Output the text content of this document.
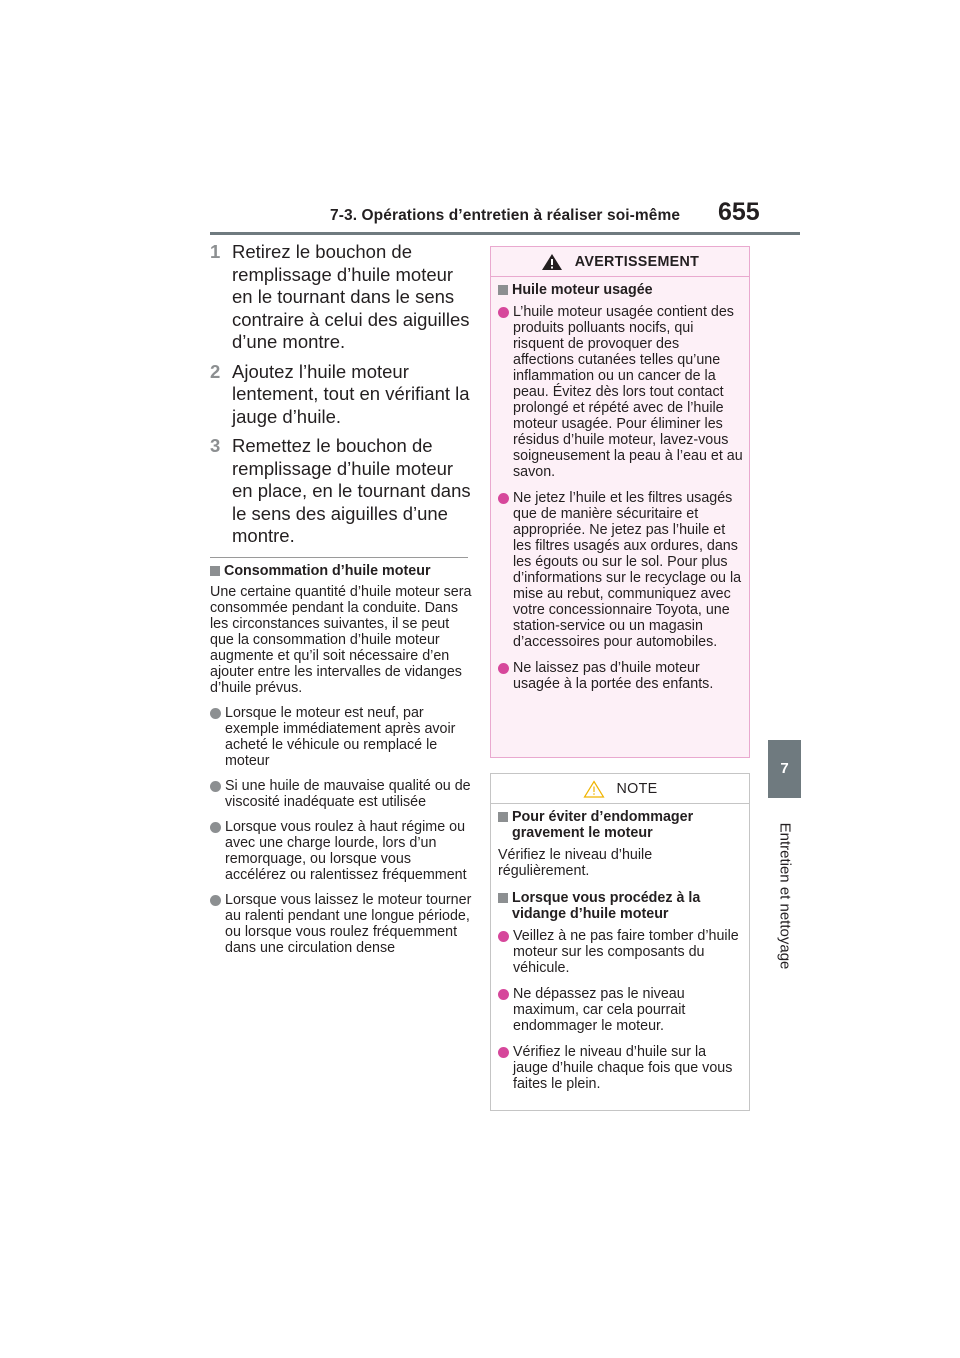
7-3. Opérations d’entretien à réaliser soi-même 655
7
Entretien et nettoyage
1 Retirez le bouchon de remplissage d’huile moteur en le tournant dans le sens contraire à celui des aiguilles d’une montre.
2 Ajoutez l’huile moteur lentement, tout en vérifiant la jauge d’huile.
3 Remettez le bouchon de remplissage d’huile moteur en place, en le tournant dans le sens des aiguilles d’une montre.
Consommation d’huile moteur
Une certaine quantité d’huile moteur sera consommée pendant la conduite. Dans les circonstances suivantes, il se peut que la consommation d’huile moteur augmente et qu’il soit nécessaire d’en ajouter entre les intervalles de vidanges d’huile prévus.
Lorsque le moteur est neuf, par exemple immédiatement après avoir acheté le véhicule ou remplacé le moteur
Si une huile de mauvaise qualité ou de viscosité inadéquate est utilisée
Lorsque vous roulez à haut régime ou avec une charge lourde, lors d’un remorquage, ou lorsque vous accélérez ou ralentissez fréquemment
Lorsque vous laissez le moteur tourner au ralenti pendant une longue période, ou lorsque vous roulez fréquemment dans une circulation dense
AVERTISSEMENT
Huile moteur usagée
L’huile moteur usagée contient des produits polluants nocifs, qui risquent de provoquer des affections cutanées telles qu’une inflammation ou un cancer de la peau. Évitez dès lors tout contact prolongé et répété avec de l’huile moteur usagée. Pour éliminer les résidus d’huile moteur, lavez-vous soigneusement la peau à l’eau et au savon.
Ne jetez l’huile et les filtres usagés que de manière sécuritaire et appropriée. Ne jetez pas l’huile et les filtres usagés aux ordures, dans les égouts ou sur le sol. Pour plus d’informations sur le recyclage ou la mise au rebut, communiquez avec votre concessionnaire Toyota, une station-service ou un magasin d’accessoires pour automobiles.
Ne laissez pas d’huile moteur usagée à la portée des enfants.
NOTE
Pour éviter d’endommager gravement le moteur
Vérifiez le niveau d’huile régulièrement.
Lorsque vous procédez à la vidange d’huile moteur
Veillez à ne pas faire tomber d’huile moteur sur les composants du véhicule.
Ne dépassez pas le niveau maximum, car cela pourrait endommager le moteur.
Vérifiez le niveau d’huile sur la jauge d’huile chaque fois que vous faites le plein.
